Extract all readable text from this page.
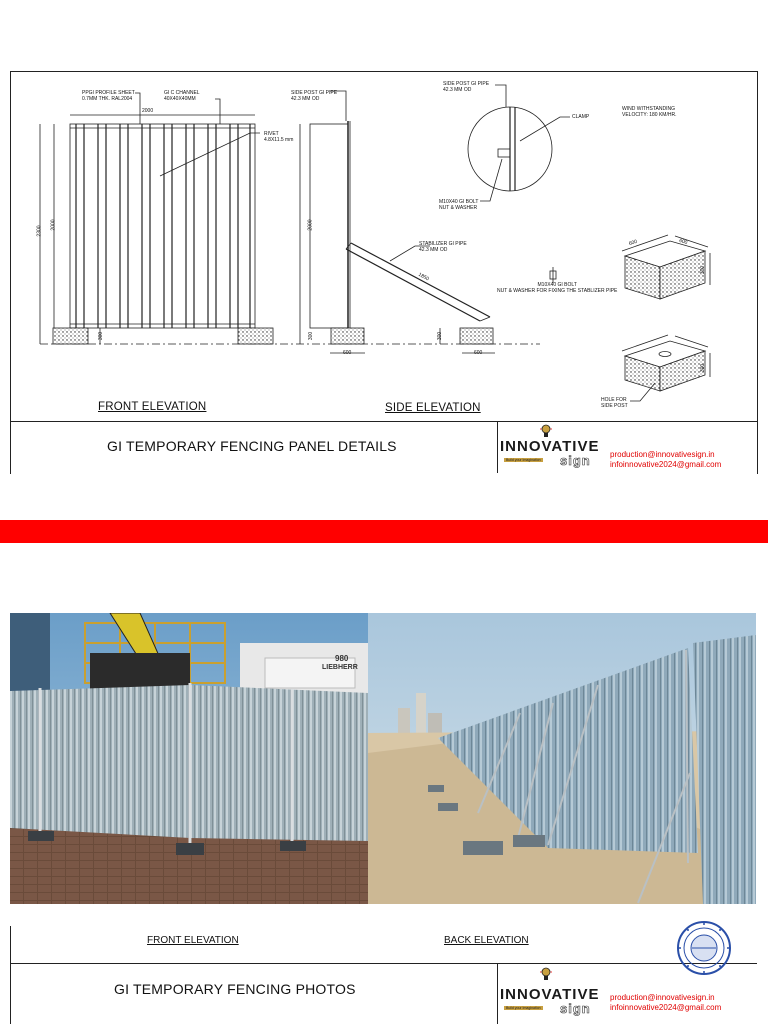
PPGI PROFILE SHEET
0.7MM THK. RAL2004
GI C CHANNEL
40X40X40MM
SIDE POST GI PIPE
42.3 MM OD
SIDE POST GI PIPE
42.3 MM OD
CLAMP
WIND WITHSTANDING
VELOCITY: 180 KM/HR.
RIVET
4.8X11.5 mm
M10X40 GI BOLT
NUT & WASHER
STABILIZER GI PIPE
42.3 MM OD
M10X40 GI BOLT
NUT & WASHER FOR FIXING THE STABLIZER PIPE
HOLE FOR
SIDE POST
2000
2300
2000	2000
300	300	300
600	600
1850
600	600
300
300
FRONT ELEVATION	SIDE ELEVATION
GI TEMPORARY FENCING PANEL DETAILS	INNOVATIVE
Build your Imagination sign production@innovativesign.in
infoinnovative2024@gmail.com
980
LIEBHERR
FRONT ELEVATION	BACK ELEVATION
GI TEMPORARY FENCING PHOTOS	INNOVATIVE
Build your Imagination sign
production@innovativesign.in
infoinnovative2024@gmail.com
